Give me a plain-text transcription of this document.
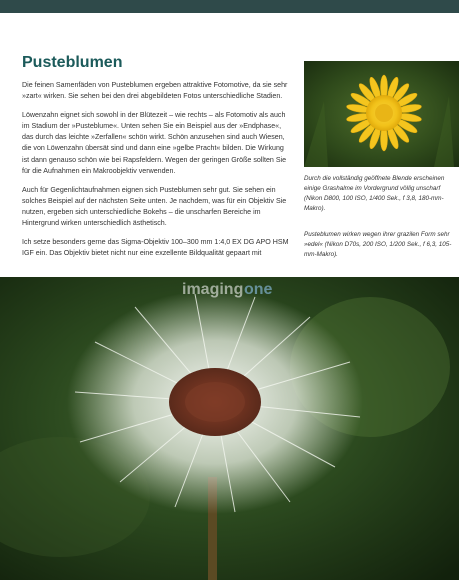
Pusteblumen

Die feinen Samenfäden von Pusteblumen ergeben attraktive Fotomotive, da sie sehr »zart« wirken. Sie sehen bei den drei abgebildeten Fotos unterschiedliche Stadien.

Löwenzahn eignet sich sowohl in der Blütezeit – wie rechts – als Fotomotiv als auch im Stadium der »Pusteblume«. Unten sehen Sie ein Beispiel aus der »Endphase«, das durch das leichte »Zerfallen« schön wirkt. Schön anzusehen sind auch Wiesen, die von Löwenzahn übersät sind und dann eine »gelbe Pracht« bilden. Die Wirkung ist dann genauso schön wie bei Rapsfeldern. Wegen der geringen Größe sollten Sie für die Aufnahmen ein Makroobjektiv verwenden.

Auch für Gegenlichtaufnahmen eignen sich Pusteblumen sehr gut. Sie sehen ein solches Beispiel auf der nächsten Seite unten. Je nachdem, was für ein Objektiv Sie nutzen, ergeben sich unterschiedliche Bokehs – die unscharfen Bereiche im Hintergrund wirken unterschiedlich ästhetisch.

Ich setze besonders gerne das Sigma-Objektiv 100–300 mm 1:4,0 EX DG APO HSM IGF ein. Das Objektiv bietet nicht nur eine exzellente Bildqualität gepaart mit

Durch die vollständig geöffnete Blende erscheinen einige Grashalme im Vordergrund völlig unscharf (Nikon D800, 100 ISO, 1/400 Sek., f 3,8, 180-mm-Makro).

Pusteblumen wirken wegen ihrer grazilen Form sehr »edel« (Nikon D70s, 200 ISO, 1/200 Sek., f 6,3, 105-mm-Makro).

imaging one
